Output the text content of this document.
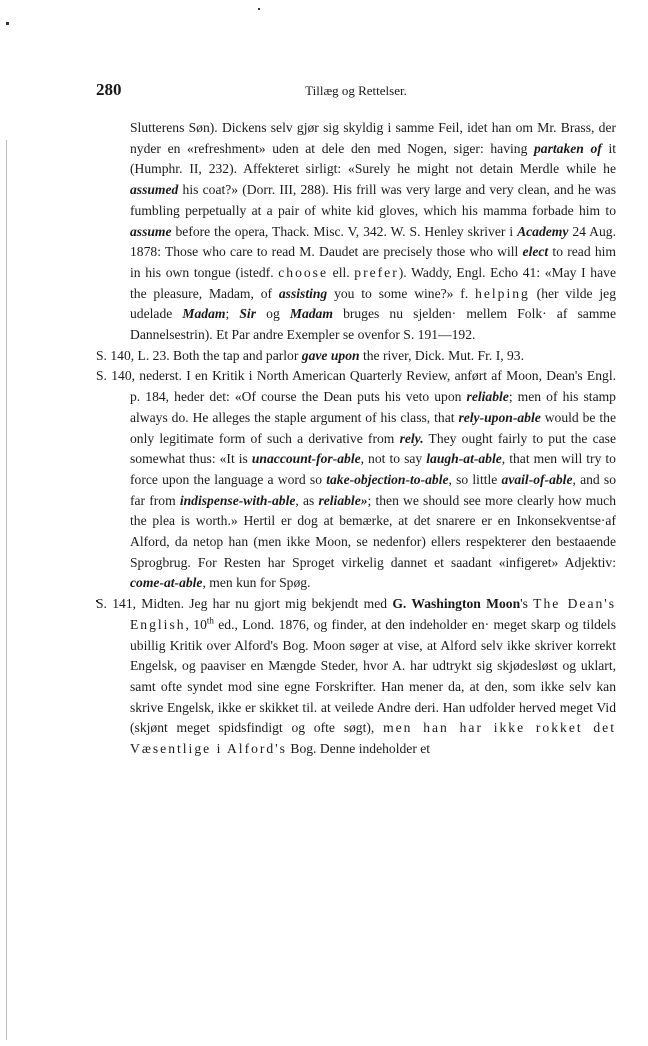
280	Tillæg og Rettelser.

Slutterens Søn). Dickens selv gjør sig skyldig i samme Feil, idet han om Mr. Brass, der nyder en «refreshment» uden at dele den med Nogen, siger: having partaken of it (Humphr. II, 232). Affekteret sirligt: «Surely he might not detain Merdle while he assumed his coat?» (Dorr. III, 288). His frill was very large and very clean, and he was fumbling perpetually at a pair of white kid gloves, which his mamma forbade him to assume before the opera, Thack. Misc. V, 342. W. S. Henley skriver i Academy 24 Aug. 1878: Those who care to read M. Daudet are precisely those who will elect to read him in his own tongue (istedf. choose ell. prefer). Waddy, Engl. Echo 41: «May I have the pleasure, Madam, of assisting you to some wine?» f. helping (her vilde jeg udelade Madam; Sir og Madam bruges nu sjelden· mellem Folk· af samme Dannelsestrin). Et Par andre Exempler se ovenfor S. 191—192.

S. 140, L. 23. Both the tap and parlor gave upon the river, Dick. Mut. Fr. I, 93.

S. 140, nederst. I en Kritik i North American Quarterly Review, anført af Moon, Dean's Engl. p. 184, heder det: «Of course the Dean puts his veto upon reliable; men of his stamp always do. He alleges the staple argument of his class, that rely-upon-able would be the only legitimate form of such a derivative from rely. They ought fairly to put the case somewhat thus: «It is unaccount-for-able, not to say laugh-at-able, that men will try to force upon the language a word so take-objection-to-able, so little avail-of-able, and so far from indispense-with-able, as reliable»; then we should see more clearly how much the plea is worth.» Hertil er dog at bemærke, at det snarere er en Inkonsekventse·af Alford, da netop han (men ikke Moon, se nedenfor) ellers respekterer den bestaaende Sprogbrug. For Resten har Sproget virkelig dannet et saadant «infigeret» Adjektiv: come-at-able, men kun for Spøg.

S. 141, Midten. Jeg har nu gjort mig bekjendt med G. Washington Moon's The Dean's English, 10th ed., Lond. 1876, og finder, at den indeholder en· meget skarp og tildels ubillig Kritik over Alford's Bog. Moon søger at vise, at Alford selv ikke skriver korrekt Engelsk, og paaviser en Mængde Steder, hvor A. har udtrykt sig skjødesløst og uklart, samt ofte syndet mod sine egne Forskrifter. Han mener da, at den, som ikke selv kan skrive Engelsk, ikke er skikket til. at veilede Andre deri. Han udfolder herved meget Vid (skjønt meget spidsfindigt og ofte søgt), men han har ikke rokket det Væsentlige i Alford's Bog. Denne indeholder et
